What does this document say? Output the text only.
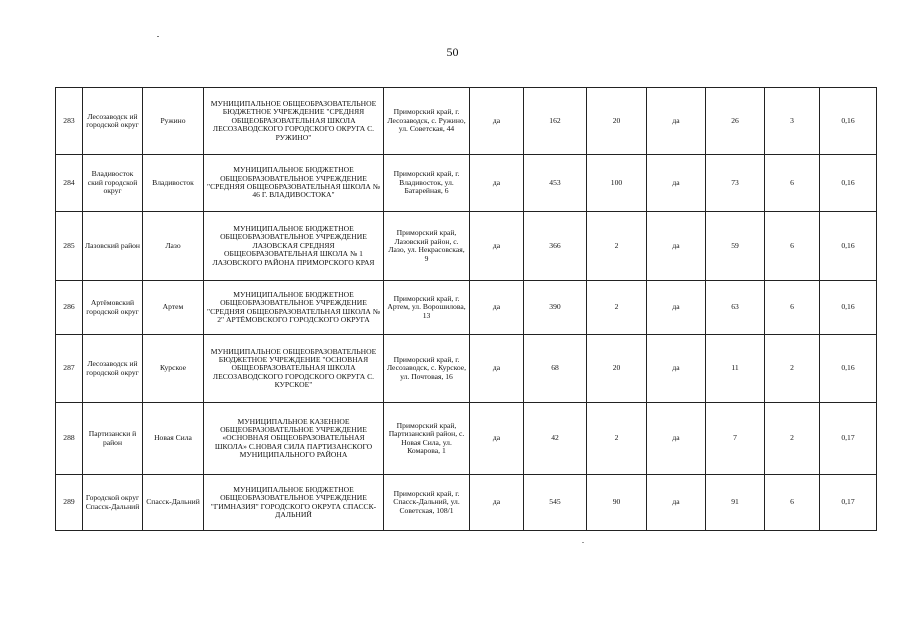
50
283	Лесозаводск ий городской округ	Ружино	МУНИЦИПАЛЬНОЕ ОБЩЕОБРАЗОВАТЕЛЬНОЕ БЮДЖЕТНОЕ УЧРЕЖДЕНИЕ "СРЕДНЯЯ ОБЩЕОБРАЗОВАТЕЛЬНАЯ ШКОЛА ЛЕСОЗАВОДСКОГО ГОРОДСКОГО ОКРУГА С. РУЖИНО"	Приморский край, г. Лесозаводск, с. Ружино, ул. Советская, 44	да	162	20	да	26	3	0,16
284	Владивосток ский городской округ	Владивосток	МУНИЦИПАЛЬНОЕ БЮДЖЕТНОЕ ОБЩЕОБРАЗОВАТЕЛЬНОЕ УЧРЕЖДЕНИЕ "СРЕДНЯЯ ОБЩЕОБРАЗОВАТЕЛЬНАЯ ШКОЛА № 46 Г. ВЛАДИВОСТОКА"	Приморский край, г. Владивосток, ул. Батарейная, 6	да	453	100	да	73	6	0,16
285	Лазовский район	Лазо	МУНИЦИПАЛЬНОЕ БЮДЖЕТНОЕ ОБЩЕОБРАЗОВАТЕЛЬНОЕ УЧРЕЖДЕНИЕ ЛАЗОВСКАЯ СРЕДНЯЯ ОБЩЕОБРАЗОВАТЕЛЬНАЯ ШКОЛА № 1 ЛАЗОВСКОГО РАЙОНА ПРИМОРСКОГО КРАЯ	Приморский край, Лазовский район, с. Лазо, ул. Некрасовская, 9	да	366	2	да	59	6	0,16
286	Артёмовский городской округ	Артем	МУНИЦИПАЛЬНОЕ БЮДЖЕТНОЕ ОБЩЕОБРАЗОВАТЕЛЬНОЕ УЧРЕЖДЕНИЕ "СРЕДНЯЯ ОБЩЕОБРАЗОВАТЕЛЬНАЯ ШКОЛА № 2" АРТЁМОВСКОГО ГОРОДСКОГО ОКРУГА	Приморский край, г. Артем, ул. Ворошилова, 13	да	390	2	да	63	6	0,16
287	Лесозаводск ий городской округ	Курское	МУНИЦИПАЛЬНОЕ ОБЩЕОБРАЗОВАТЕЛЬНОЕ БЮДЖЕТНОЕ УЧРЕЖДЕНИЕ "ОСНОВНАЯ ОБЩЕОБРАЗОВАТЕЛЬНАЯ ШКОЛА ЛЕСОЗАВОДСКОГО ГОРОДСКОГО ОКРУГА С. КУРСКОЕ"	Приморский край, г. Лесозаводск, с. Курское, ул. Почтовая, 16	да	68	20	да	11	2	0,16
288	Партизански й район	Новая Сила	МУНИЦИПАЛЬНОЕ КАЗЕННОЕ ОБЩЕОБРАЗОВАТЕЛЬНОЕ УЧРЕЖДЕНИЕ «ОСНОВНАЯ ОБЩЕОБРАЗОВАТЕЛЬНАЯ ШКОЛА» С.НОВАЯ СИЛА ПАРТИЗАНСКОГО МУНИЦИПАЛЬНОГО РАЙОНА	Приморский край, Партизанский район, с. Новая Сила, ул. Комарова, 1	да	42	2	да	7	2	0,17
289	Городской округ Спасск-Дальний	Спасск-Дальний	МУНИЦИПАЛЬНОЕ БЮДЖЕТНОЕ ОБЩЕОБРАЗОВАТЕЛЬНОЕ УЧРЕЖДЕНИЕ "ГИМНАЗИЯ" ГОРОДСКОГО ОКРУГА СПАССК-ДАЛЬНИЙ	Приморский край, г. Спасск-Дальний, ул. Советская, 108/1	да	545	90	да	91	6	0,17
